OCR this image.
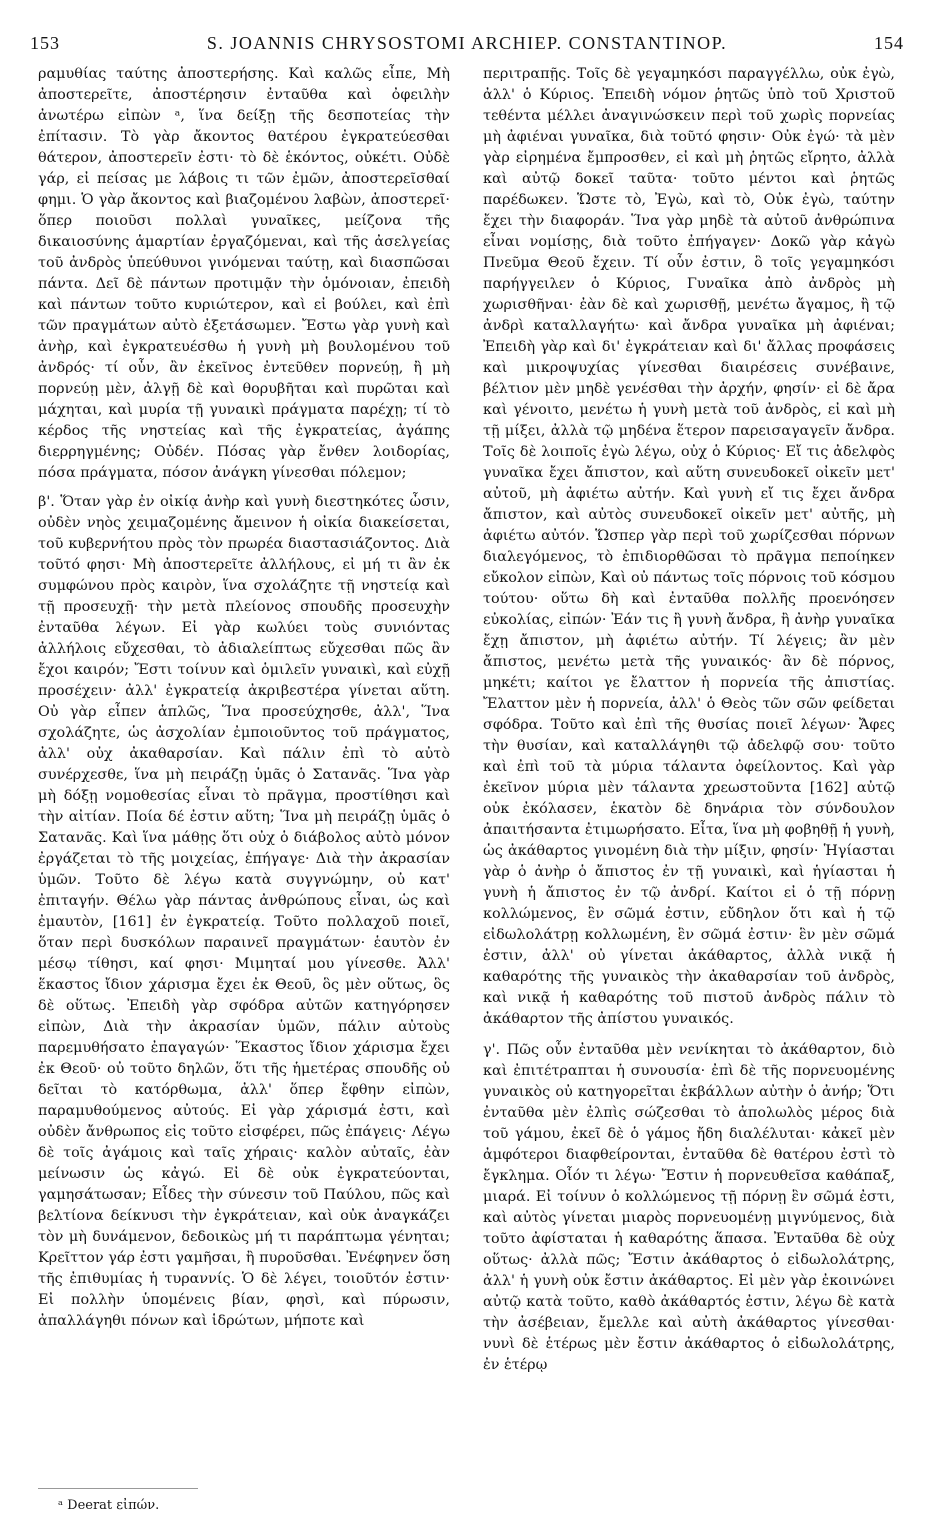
153	S. JOANNIS CHRYSOSTOMI ARCHIEP. CONSTANTINOP.	154

ραμυθίας ταύτης ἀποστερήσης. Καὶ καλῶς εἶπε, Μὴ ἀποστερεῖτε, ἀποστέρησιν ἐνταῦθα καὶ ὀφειλὴν ἀνωτέρω εἰπὼν ᵃ, ἵνα δείξῃ τῆς δεσποτείας τὴν ἐπίτασιν. Τὸ γὰρ ἄκοντος θατέρου ἐγκρατεύεσθαι θάτερον, ἀποστερεῖν ἐστι· τὸ δὲ ἑκόντος, οὐκέτι. Οὐδὲ γάρ, εἰ πείσας με λάβοις τι τῶν ἐμῶν, ἀποστερεῖσθαί φημι. Ὁ γὰρ ἄκοντος καὶ βιαζομένου λαβὼν, ἀποστερεῖ· ὅπερ ποιοῦσι πολλαὶ γυναῖκες, μείζονα τῆς δικαιοσύνης ἁμαρτίαν ἐργαζόμεναι, καὶ τῆς ἀσελγείας τοῦ ἀνδρὸς ὑπεύθυνοι γινόμεναι ταύτῃ, καὶ διασπῶσαι πάντα. Δεῖ δὲ πάντων προτιμᾷν τὴν ὁμόνοιαν, ἐπειδὴ καὶ πάντων τοῦτο κυριώτερον, καὶ εἰ βούλει, καὶ ἐπὶ τῶν πραγμάτων αὐτὸ ἐξετάσωμεν. Ἔστω γὰρ γυνὴ καὶ ἀνὴρ, καὶ ἐγκρατευέσθω ἡ γυνὴ μὴ βουλομένου τοῦ ἀνδρός· τί οὖν, ἂν ἐκεῖνος ἐντεῦθεν πορνεύῃ, ἢ μὴ πορνεύῃ μὲν, ἀλγῇ δὲ καὶ θορυβῆται καὶ πυρῶται καὶ μάχηται, καὶ μυρία τῇ γυναικὶ πράγματα παρέχῃ; τί τὸ κέρδος τῆς νηστείας καὶ τῆς ἐγκρατείας, ἀγάπης διερρηγμένης; Οὐδέν. Πόσας γὰρ ἔνθεν λοιδορίας, πόσα πράγματα, πόσον ἀνάγκη γίνεσθαι πόλεμον;

β'. Ὅταν γὰρ ἐν οἰκίᾳ ἀνὴρ καὶ γυνὴ διεστηκότες ὦσιν, οὐδὲν νηὸς χειμαζομένης ἄμεινον ἡ οἰκία διακείσεται, τοῦ κυβερνήτου πρὸς τὸν πρωρέα διαστασιάζοντος. Διὰ τοῦτό φησι· Μὴ ἀποστερεῖτε ἀλλήλους, εἰ μή τι ἂν ἐκ συμφώνου πρὸς καιρὸν, ἵνα σχολάζητε τῇ νηστείᾳ καὶ τῇ προσευχῇ· τὴν μετὰ πλείονος σπουδῆς προσευχὴν ἐνταῦθα λέγων. Εἰ γὰρ κωλύει τοὺς συνιόντας ἀλλήλοις εὔχεσθαι, τὸ ἀδιαλείπτως εὔχεσθαι πῶς ἂν ἔχοι καιρόν; Ἔστι τοίνυν καὶ ὁμιλεῖν γυναικὶ, καὶ εὐχῇ προσέχειν· ἀλλ' ἐγκρατείᾳ ἀκριβεστέρα γίνεται αὕτη. Οὐ γὰρ εἶπεν ἁπλῶς, Ἵνα προσεύχησθε, ἀλλ', Ἵνα σχολάζητε, ὡς ἀσχολίαν ἐμποιοῦντος τοῦ πράγματος, ἀλλ' οὐχ ἀκαθαρσίαν. Καὶ πάλιν ἐπὶ τὸ αὐτὸ συνέρχεσθε, ἵνα μὴ πειράζῃ ὑμᾶς ὁ Σατανᾶς. Ἵνα γὰρ μὴ δόξῃ νομοθεσίας εἶναι τὸ πρᾶγμα, προστίθησι καὶ τὴν αἰτίαν. Ποία δέ ἐστιν αὕτη; Ἵνα μὴ πειράζῃ ὑμᾶς ὁ Σατανᾶς. Καὶ ἵνα μάθῃς ὅτι οὐχ ὁ διάβολος αὐτὸ μόνον ἐργάζεται τὸ τῆς μοιχείας, ἐπήγαγε· Διὰ τὴν ἀκρασίαν ὑμῶν. Τοῦτο δὲ λέγω κατὰ συγγνώμην, οὐ κατ' ἐπιταγήν. Θέλω γὰρ πάντας ἀνθρώπους εἶναι, ὡς καὶ ἐμαυτὸν, [161] ἐν ἐγκρατείᾳ. Τοῦτο πολλαχοῦ ποιεῖ, ὅταν περὶ δυσκόλων παραινεῖ πραγμάτων· ἑαυτὸν ἐν μέσῳ τίθησι, καί φησι· Μιμηταί μου γίνεσθε. Ἀλλ' ἕκαστος ἴδιον χάρισμα ἔχει ἐκ Θεοῦ, ὃς μὲν οὕτως, ὃς δὲ οὕτως. Ἐπειδὴ γὰρ σφόδρα αὐτῶν κατηγόρησεν εἰπὼν, Διὰ τὴν ἀκρασίαν ὑμῶν, πάλιν αὐτοὺς παρεμυθήσατο ἐπαγαγών· Ἕκαστος ἴδιον χάρισμα ἔχει ἐκ Θεοῦ· οὐ τοῦτο δηλῶν, ὅτι τῆς ἡμετέρας σπουδῆς οὐ δεῖται τὸ κατόρθωμα, ἀλλ' ὅπερ ἔφθην εἰπὼν, παραμυθούμενος αὐτούς. Εἰ γὰρ χάρισμά ἐστι, καὶ οὐδὲν ἄνθρωπος εἰς τοῦτο εἰσφέρει, πῶς ἐπάγεις· Λέγω δὲ τοῖς ἀγάμοις καὶ ταῖς χήραις· καλὸν αὐταῖς, ἐὰν μείνωσιν ὡς κἀγώ. Εἰ δὲ οὐκ ἐγκρατεύονται, γαμησάτωσαν; Εἶδες τὴν σύνεσιν τοῦ Παύλου, πῶς καὶ βελτίονα δείκνυσι τὴν ἐγκράτειαν, καὶ οὐκ ἀναγκάζει τὸν μὴ δυνάμενον, δεδοικὼς μή τι παράπτωμα γένηται; Κρεῖττον γάρ ἐστι γαμῆσαι, ἢ πυροῦσθαι. Ἐνέφηνεν ὅση τῆς ἐπιθυμίας ἡ τυραννίς. Ὁ δὲ λέγει, τοιοῦτόν ἐστιν· Εἰ πολλὴν ὑπομένεις βίαν, φησὶ, καὶ πύρωσιν, ἀπαλλάγηθι πόνων καὶ ἱδρώτων, μήποτε καὶ

περιτραπῇς. Τοῖς δὲ γεγαμηκόσι παραγγέλλω, οὐκ ἐγὼ, ἀλλ' ὁ Κύριος. Ἐπειδὴ νόμον ῥητῶς ὑπὸ τοῦ Χριστοῦ τεθέντα μέλλει ἀναγινώσκειν περὶ τοῦ χωρὶς πορνείας μὴ ἀφιέναι γυναῖκα, διὰ τοῦτό φησιν· Οὐκ ἐγώ· τὰ μὲν γὰρ εἰρημένα ἔμπροσθεν, εἰ καὶ μὴ ῥητῶς εἴρητο, ἀλλὰ καὶ αὐτῷ δοκεῖ ταῦτα· τοῦτο μέντοι καὶ ῥητῶς παρέδωκεν. Ὥστε τὸ, Ἐγὼ, καὶ τὸ, Οὐκ ἐγὼ, ταύτην ἔχει τὴν διαφοράν. Ἵνα γὰρ μηδὲ τὰ αὐτοῦ ἀνθρώπινα εἶναι νομίσῃς, διὰ τοῦτο ἐπήγαγεν· Δοκῶ γὰρ κἀγὼ Πνεῦμα Θεοῦ ἔχειν. Τί οὖν ἐστιν, ὃ τοῖς γεγαμηκόσι παρήγγειλεν ὁ Κύριος, Γυναῖκα ἀπὸ ἀνδρὸς μὴ χωρισθῆναι· ἐὰν δὲ καὶ χωρισθῇ, μενέτω ἄγαμος, ἢ τῷ ἀνδρὶ καταλλαγήτω· καὶ ἄνδρα γυναῖκα μὴ ἀφιέναι; Ἐπειδὴ γὰρ καὶ δι' ἐγκράτειαν καὶ δι' ἄλλας προφάσεις καὶ μικροψυχίας γίνεσθαι διαιρέσεις συνέβαινε, βέλτιον μὲν μηδὲ γενέσθαι τὴν ἀρχήν, φησίν· εἰ δὲ ἄρα καὶ γένοιτο, μενέτω ἡ γυνὴ μετὰ τοῦ ἀνδρὸς, εἰ καὶ μὴ τῇ μίξει, ἀλλὰ τῷ μηδένα ἕτερον παρεισαγαγεῖν ἄνδρα. Τοῖς δὲ λοιποῖς ἐγὼ λέγω, οὐχ ὁ Κύριος· Εἴ τις ἀδελφὸς γυναῖκα ἔχει ἄπιστον, καὶ αὕτη συνευδοκεῖ οἰκεῖν μετ' αὐτοῦ, μὴ ἀφιέτω αὐτήν. Καὶ γυνὴ εἴ τις ἔχει ἄνδρα ἄπιστον, καὶ αὐτὸς συνευδοκεῖ οἰκεῖν μετ' αὐτῆς, μὴ ἀφιέτω αὐτόν. Ὥσπερ γὰρ περὶ τοῦ χωρίζεσθαι πόρνων διαλεγόμενος, τὸ ἐπιδιορθῶσαι τὸ πρᾶγμα πεποίηκεν εὔκολον εἰπὼν, Καὶ οὐ πάντως τοῖς πόρνοις τοῦ κόσμου τούτου· οὕτω δὴ καὶ ἐνταῦθα πολλῆς προενόησεν εὐκολίας, εἰπών· Ἐάν τις ἢ γυνὴ ἄνδρα, ἢ ἀνὴρ γυναῖκα ἔχῃ ἄπιστον, μὴ ἀφιέτω αὐτήν. Τί λέγεις; ἂν μὲν ἄπιστος, μενέτω μετὰ τῆς γυναικός· ἂν δὲ πόρνος, μηκέτι; καίτοι γε ἔλαττον ἡ πορνεία τῆς ἀπιστίας. Ἔλαττον μὲν ἡ πορνεία, ἀλλ' ὁ Θεὸς τῶν σῶν φείδεται σφόδρα. Τοῦτο καὶ ἐπὶ τῆς θυσίας ποιεῖ λέγων· Ἄφες τὴν θυσίαν, καὶ καταλλάγηθι τῷ ἀδελφῷ σου· τοῦτο καὶ ἐπὶ τοῦ τὰ μύρια τάλαντα ὀφείλοντος. Καὶ γὰρ ἐκεῖνον μύρια μὲν τάλαντα χρεωστοῦντα [162] αὐτῷ οὐκ ἐκόλασεν, ἑκατὸν δὲ δηνάρια τὸν σύνδουλον ἀπαιτήσαντα ἐτιμωρήσατο. Εἶτα, ἵνα μὴ φοβηθῇ ἡ γυνὴ, ὡς ἀκάθαρτος γινομένη διὰ τὴν μίξιν, φησίν· Ἡγίασται γὰρ ὁ ἀνὴρ ὁ ἄπιστος ἐν τῇ γυναικὶ, καὶ ἡγίασται ἡ γυνὴ ἡ ἄπιστος ἐν τῷ ἀνδρί. Καίτοι εἰ ὁ τῇ πόρνῃ κολλώμενος, ἓν σῶμά ἐστιν, εὔδηλον ὅτι καὶ ἡ τῷ εἰδωλολάτρῃ κολλωμένη, ἓν σῶμά ἐστιν· ἓν μὲν σῶμά ἐστιν, ἀλλ' οὐ γίνεται ἀκάθαρτος, ἀλλὰ νικᾷ ἡ καθαρότης τῆς γυναικὸς τὴν ἀκαθαρσίαν τοῦ ἀνδρὸς, καὶ νικᾷ ἡ καθαρότης τοῦ πιστοῦ ἀνδρὸς πάλιν τὸ ἀκάθαρτον τῆς ἀπίστου γυναικός.

γ'. Πῶς οὖν ἐνταῦθα μὲν νενίκηται τὸ ἀκάθαρτον, διὸ καὶ ἐπιτέτραπται ἡ συνουσία· ἐπὶ δὲ τῆς πορνευομένης γυναικὸς οὐ κατηγορεῖται ἐκβάλλων αὐτὴν ὁ ἀνήρ; Ὅτι ἐνταῦθα μὲν ἐλπὶς σώζεσθαι τὸ ἀπολωλὸς μέρος διὰ τοῦ γάμου, ἐκεῖ δὲ ὁ γάμος ἤδη διαλέλυται· κἀκεῖ μὲν ἀμφότεροι διαφθείρονται, ἐνταῦθα δὲ θατέρου ἐστὶ τὸ ἔγκλημα. Οἷόν τι λέγω· Ἔστιν ἡ πορνευθεῖσα καθάπαξ, μιαρά. Εἰ τοίνυν ὁ κολλώμενος τῇ πόρνῃ ἓν σῶμά ἐστι, καὶ αὐτὸς γίνεται μιαρὸς πορνευομένῃ μιγνύμενος, διὰ τοῦτο ἀφίσταται ἡ καθαρότης ἅπασα. Ἐνταῦθα δὲ οὐχ οὕτως· ἀλλὰ πῶς; Ἔστιν ἀκάθαρτος ὁ εἰδωλολάτρης, ἀλλ' ἡ γυνὴ οὐκ ἔστιν ἀκάθαρτος. Εἰ μὲν γὰρ ἐκοινώνει αὐτῷ κατὰ τοῦτο, καθὸ ἀκάθαρτός ἐστιν, λέγω δὲ κατὰ τὴν ἀσέβειαν, ἔμελλε καὶ αὐτὴ ἀκάθαρτος γίνεσθαι· νυνὶ δὲ ἑτέρως μὲν ἔστιν ἀκάθαρτος ὁ εἰδωλολάτρης, ἐν ἑτέρῳ

ᵃ Deerat εἰπών.
